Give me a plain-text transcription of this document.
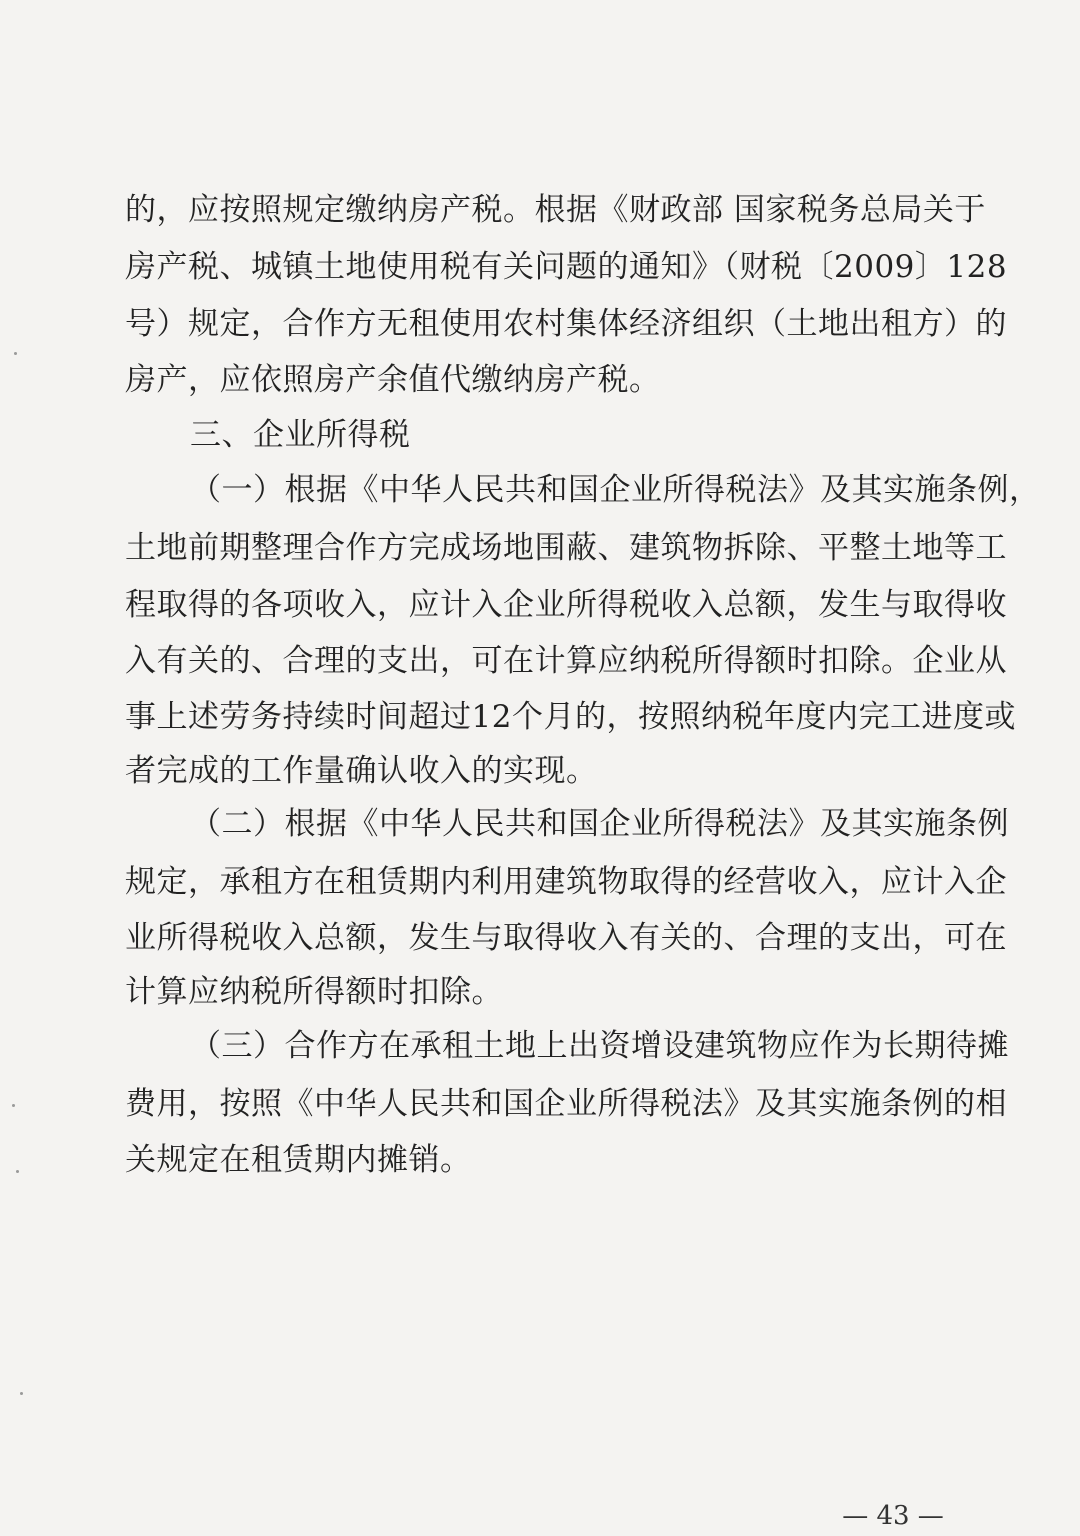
的，应按照规定缴纳房产税。根据《财政部 国家税务总局关于
房产税、城镇土地使用税有关问题的通知》（财税〔2009〕128
号）规定，合作方无租使用农村集体经济组织（土地出租方）的
房产，应依照房产余值代缴纳房产税。
三、企业所得税
（一）根据《中华人民共和国企业所得税法》及其实施条例，
土地前期整理合作方完成场地围蔽、建筑物拆除、平整土地等工
程取得的各项收入，应计入企业所得税收入总额，发生与取得收
入有关的、合理的支出，可在计算应纳税所得额时扣除。企业从
事上述劳务持续时间超过12个月的，按照纳税年度内完工进度或
者完成的工作量确认收入的实现。
（二）根据《中华人民共和国企业所得税法》及其实施条例
规定，承租方在租赁期内利用建筑物取得的经营收入，应计入企
业所得税收入总额，发生与取得收入有关的、合理的支出，可在
计算应纳税所得额时扣除。
（三）合作方在承租土地上出资增设建筑物应作为长期待摊
费用，按照《中华人民共和国企业所得税法》及其实施条例的相
关规定在租赁期内摊销。
— 43 —
